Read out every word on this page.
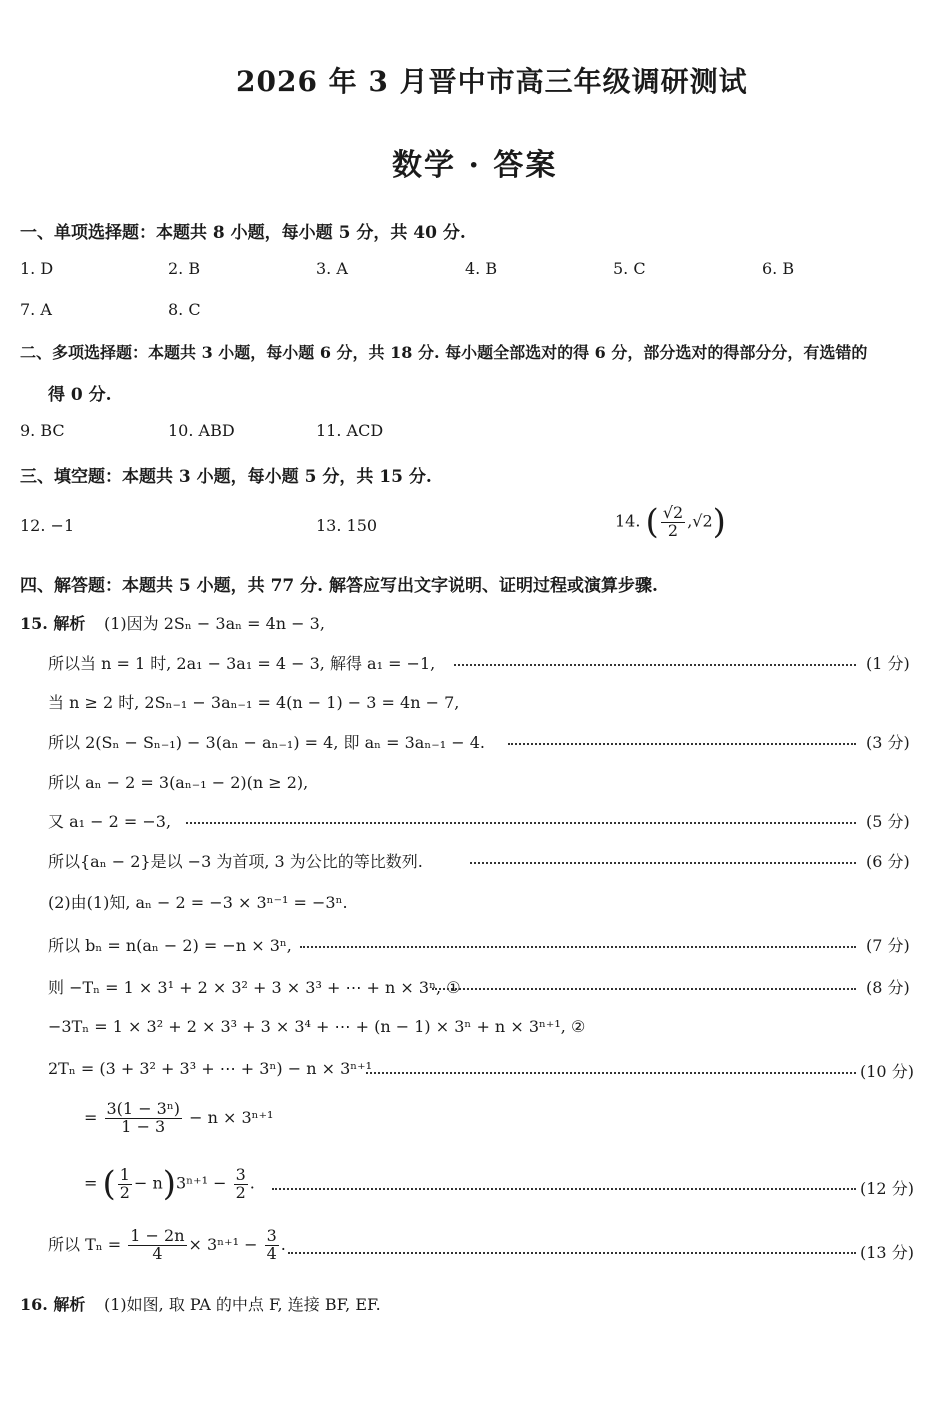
2026 年 3 月晋中市高三年级调研测试
数学 · 答案
一、单项选择题：本题共 8 小题，每小题 5 分，共 40 分.
1. D	2. B	3. A	4. B	5. C	6. B
7. A	8. C
二、多项选择题：本题共 3 小题，每小题 6 分，共 18 分. 每小题全部选对的得 6 分，部分选对的得部分分，有选错的
得 0 分.
9. BC	10. ABD	11. ACD
三、填空题：本题共 3 小题，每小题 5 分，共 15 分.
12. −1	13. 150	14. ( $\frac{√2}{2} ,√2$)
四、解答题：本题共 5 小题，共 77 分. 解答应写出文字说明、证明过程或演算步骤.
15. 解析 (1)因为 2Sₙ − 3aₙ = 4n − 3,
所以当 n = 1 时, 2a₁ − 3a₁ = 4 − 3, 解得 a₁ = −1,	(1 分)
当 n ≥ 2 时, 2Sₙ₋₁ − 3aₙ₋₁ = 4(n − 1) − 3 = 4n − 7,
所以 2(Sₙ − Sₙ₋₁) − 3(aₙ − aₙ₋₁) = 4, 即 aₙ = 3aₙ₋₁ − 4.	(3 分)
所以 aₙ − 2 = 3(aₙ₋₁ − 2)(n ≥ 2),
又 a₁ − 2 = −3,	(5 分)
所以{aₙ − 2}是以 −3 为首项, 3 为公比的等比数列.	(6 分)
(2)由(1)知, aₙ − 2 = −3 × 3ⁿ⁻¹ = −3ⁿ.
所以 bₙ = n(aₙ − 2) = −n × 3ⁿ,	(7 分)
则 −Tₙ = 1 × 3¹ + 2 × 3² + 3 × 3³ + ⋯ + n × 3ⁿ, ①	(8 分)
−3Tₙ = 1 × 3² + 2 × 3³ + 3 × 3⁴ + ⋯ + (n − 1) × 3ⁿ + n × 3ⁿ⁺¹, ②
2Tₙ = (3 + 3² + 3³ + ⋯ + 3ⁿ) − n × 3ⁿ⁺¹	(10 分)
= $\frac{\text{3(1 − 3ⁿ)}}{1 - 3} - n \times 3^{n+1}$
= ( $\frac{1}{2} - n)3^{n+1} - \frac{3}{2}$ .	(12 分)
所以 $T_n = \frac{1 - 2n}{4} \times 3^{n+1} - \frac{3}{4}$ .	(13 分)
16. 解析 (1)如图, 取 PA 的中点 F, 连接 BF, EF.
